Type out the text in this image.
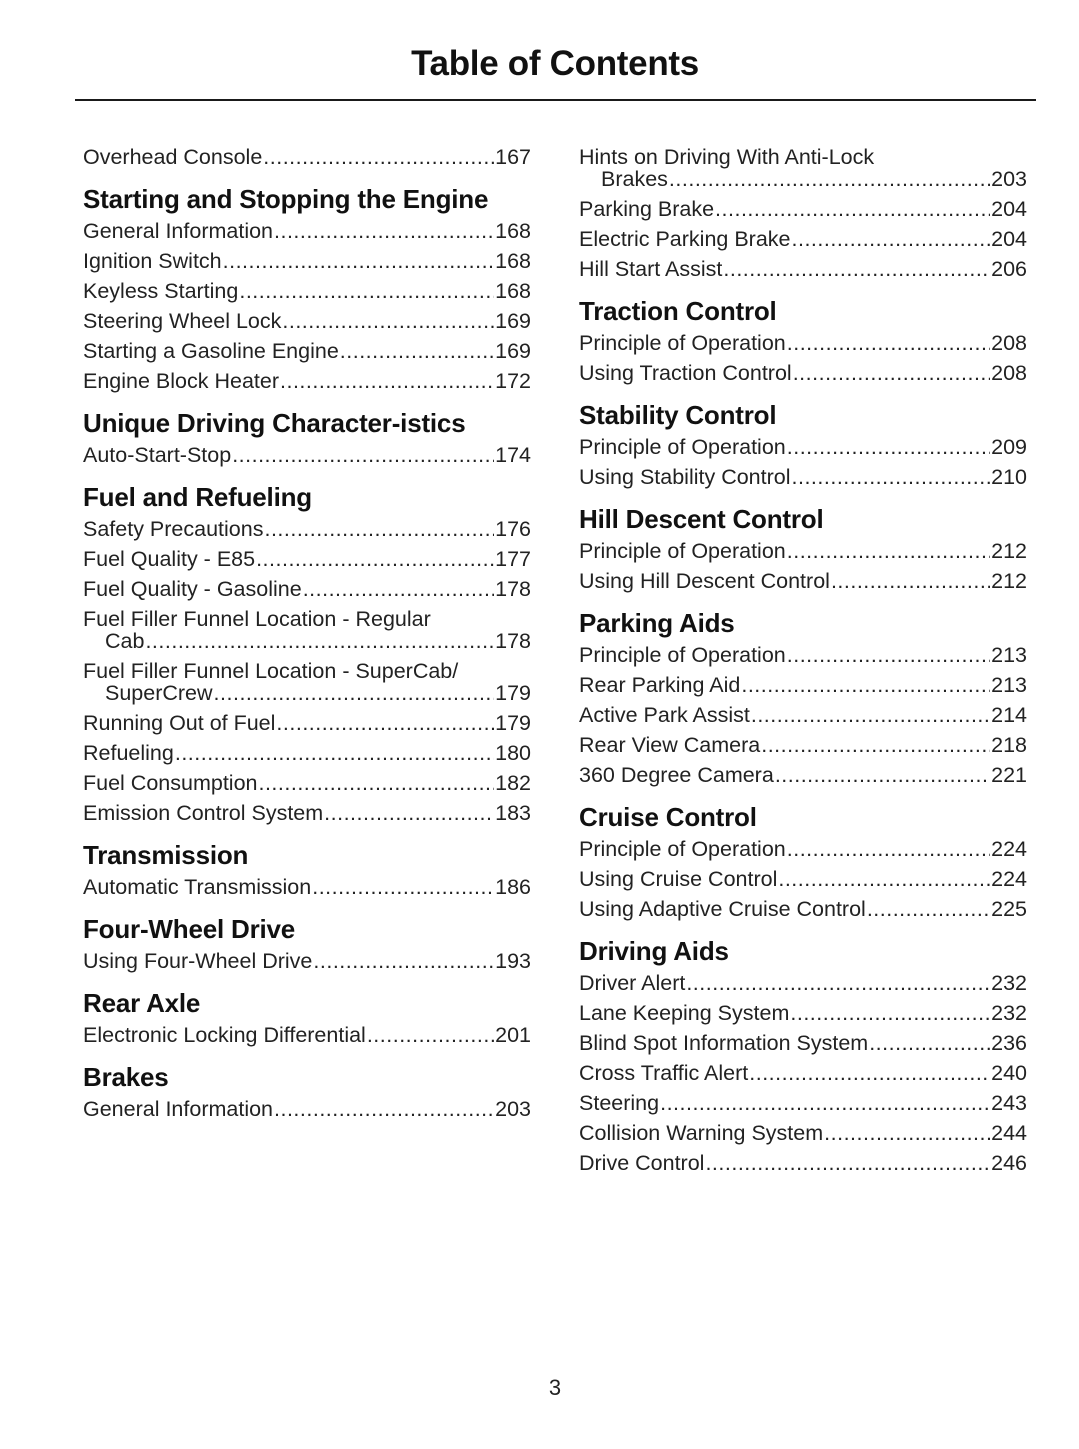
Table of Contents
Overhead Console .....	167
Starting and Stopping the Engine
General Information .....	168
Ignition Switch .....	168
Keyless Starting .....	168
Steering Wheel Lock .....	169
Starting a Gasoline Engine .....	169
Engine Block Heater .....	172
Unique Driving Character-istics
Auto-Start-Stop .....	174
Fuel and Refueling
Safety Precautions .....	176
Fuel Quality - E85 .....	177
Fuel Quality - Gasoline .....	178
Fuel Filler Funnel Location - Regular
Cab .....	178
Fuel Filler Funnel Location - SuperCab/
SuperCrew .....	179
Running Out of Fuel .....	179
Refueling .....	180
Fuel Consumption .....	182
Emission Control System .....	183
Transmission
Automatic Transmission .....	186
Four-Wheel Drive
Using Four-Wheel Drive .....	193
Rear Axle
Electronic Locking Differential .....	201
Brakes
General Information .....	203
Hints on Driving With Anti-Lock
Brakes .....	203
Parking Brake .....	204
Electric Parking Brake .....	204
Hill Start Assist .....	206
Traction Control
Principle of Operation .....	208
Using Traction Control .....	208
Stability Control
Principle of Operation .....	209
Using Stability Control .....	210
Hill Descent Control
Principle of Operation .....	212
Using Hill Descent Control .....	212
Parking Aids
Principle of Operation .....	213
Rear Parking Aid .....	213
Active Park Assist .....	214
Rear View Camera .....	218
360 Degree Camera .....	221
Cruise Control
Principle of Operation .....	224
Using Cruise Control .....	224
Using Adaptive Cruise Control .....	225
Driving Aids
Driver Alert .....	232
Lane Keeping System .....	232
Blind Spot Information System .....	236
Cross Traffic Alert .....	240
Steering .....	243
Collision Warning System .....	244
Drive Control .....	246
3
